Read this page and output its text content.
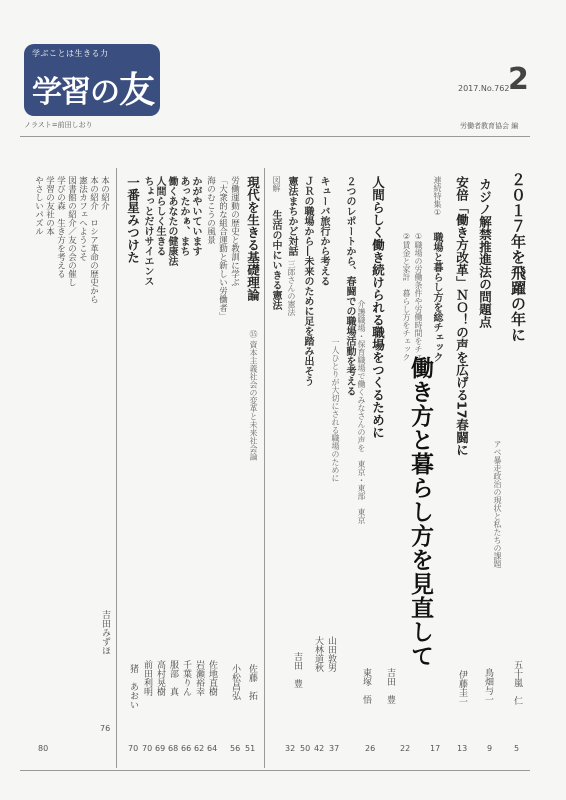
学ぶことは生きる力
学習の友
ノラスト=前田しおり
2017.No.762
2
労働者教育協会 編
２０１７年を飛躍の年に
アベ暴走政治の現状と私たちの課題
五十嵐　仁
5
カジノ解禁推進法の問題点
鳥畑与一
9
安倍「働き方改革」ＮＯ！の声を広げる17春闘に
伊藤圭一
13
連続特集①
職場と暮らし方を総チェック
①職場の労働条件や労働時間をチェック
②賃金と家計　暮らし方をチェック
働き方と暮らし方を見直して
17
人間らしく働き続けられる職場をつくるために
介護職場・保育職場で働くみなさんの声を　東京・東部　東京
吉田　豊
22
２つのレポートから、春闘での職場活動を考える
一人ひとりが大切にされる職場のために
東塚　悟
26
キューバ旅行から考える
ＪＲの職場から―未来のために足を踏み出そう
山田敦男
大林道秋
37
42
憲法まちかど対話
三郎さんの憲法
図解
生活の中にいきる憲法
吉田　豊
32 50
現代を生きる基礎理論
㉟ 資本主義社会の変革と未来社会論
佐藤　拓
51
労働運動の歴史と教訓に学ぶ
「大衆的な組合運動と新しい労働者」
小松昌弘
56
海のむこうの風景
かがやいています
佐地直樹
64
あったかぁ、まち
岩瀬裕幸
62
働くあなたの健康法
千葉りん
66
人間らしく生きる
服部　真
68
ちょっとだけサイエンス
高村晃樹
69
一番星みつけた
前田利明
70
猪　あおい
70
本の紹介
本の紹介　ロシア革命の歴史から
憲法カフェへようこそ
図書館の紹介／友の会の催し
学びの森　生き方を考える
学習の友社の本
やさしいパズル
吉田みずほ
76
80
